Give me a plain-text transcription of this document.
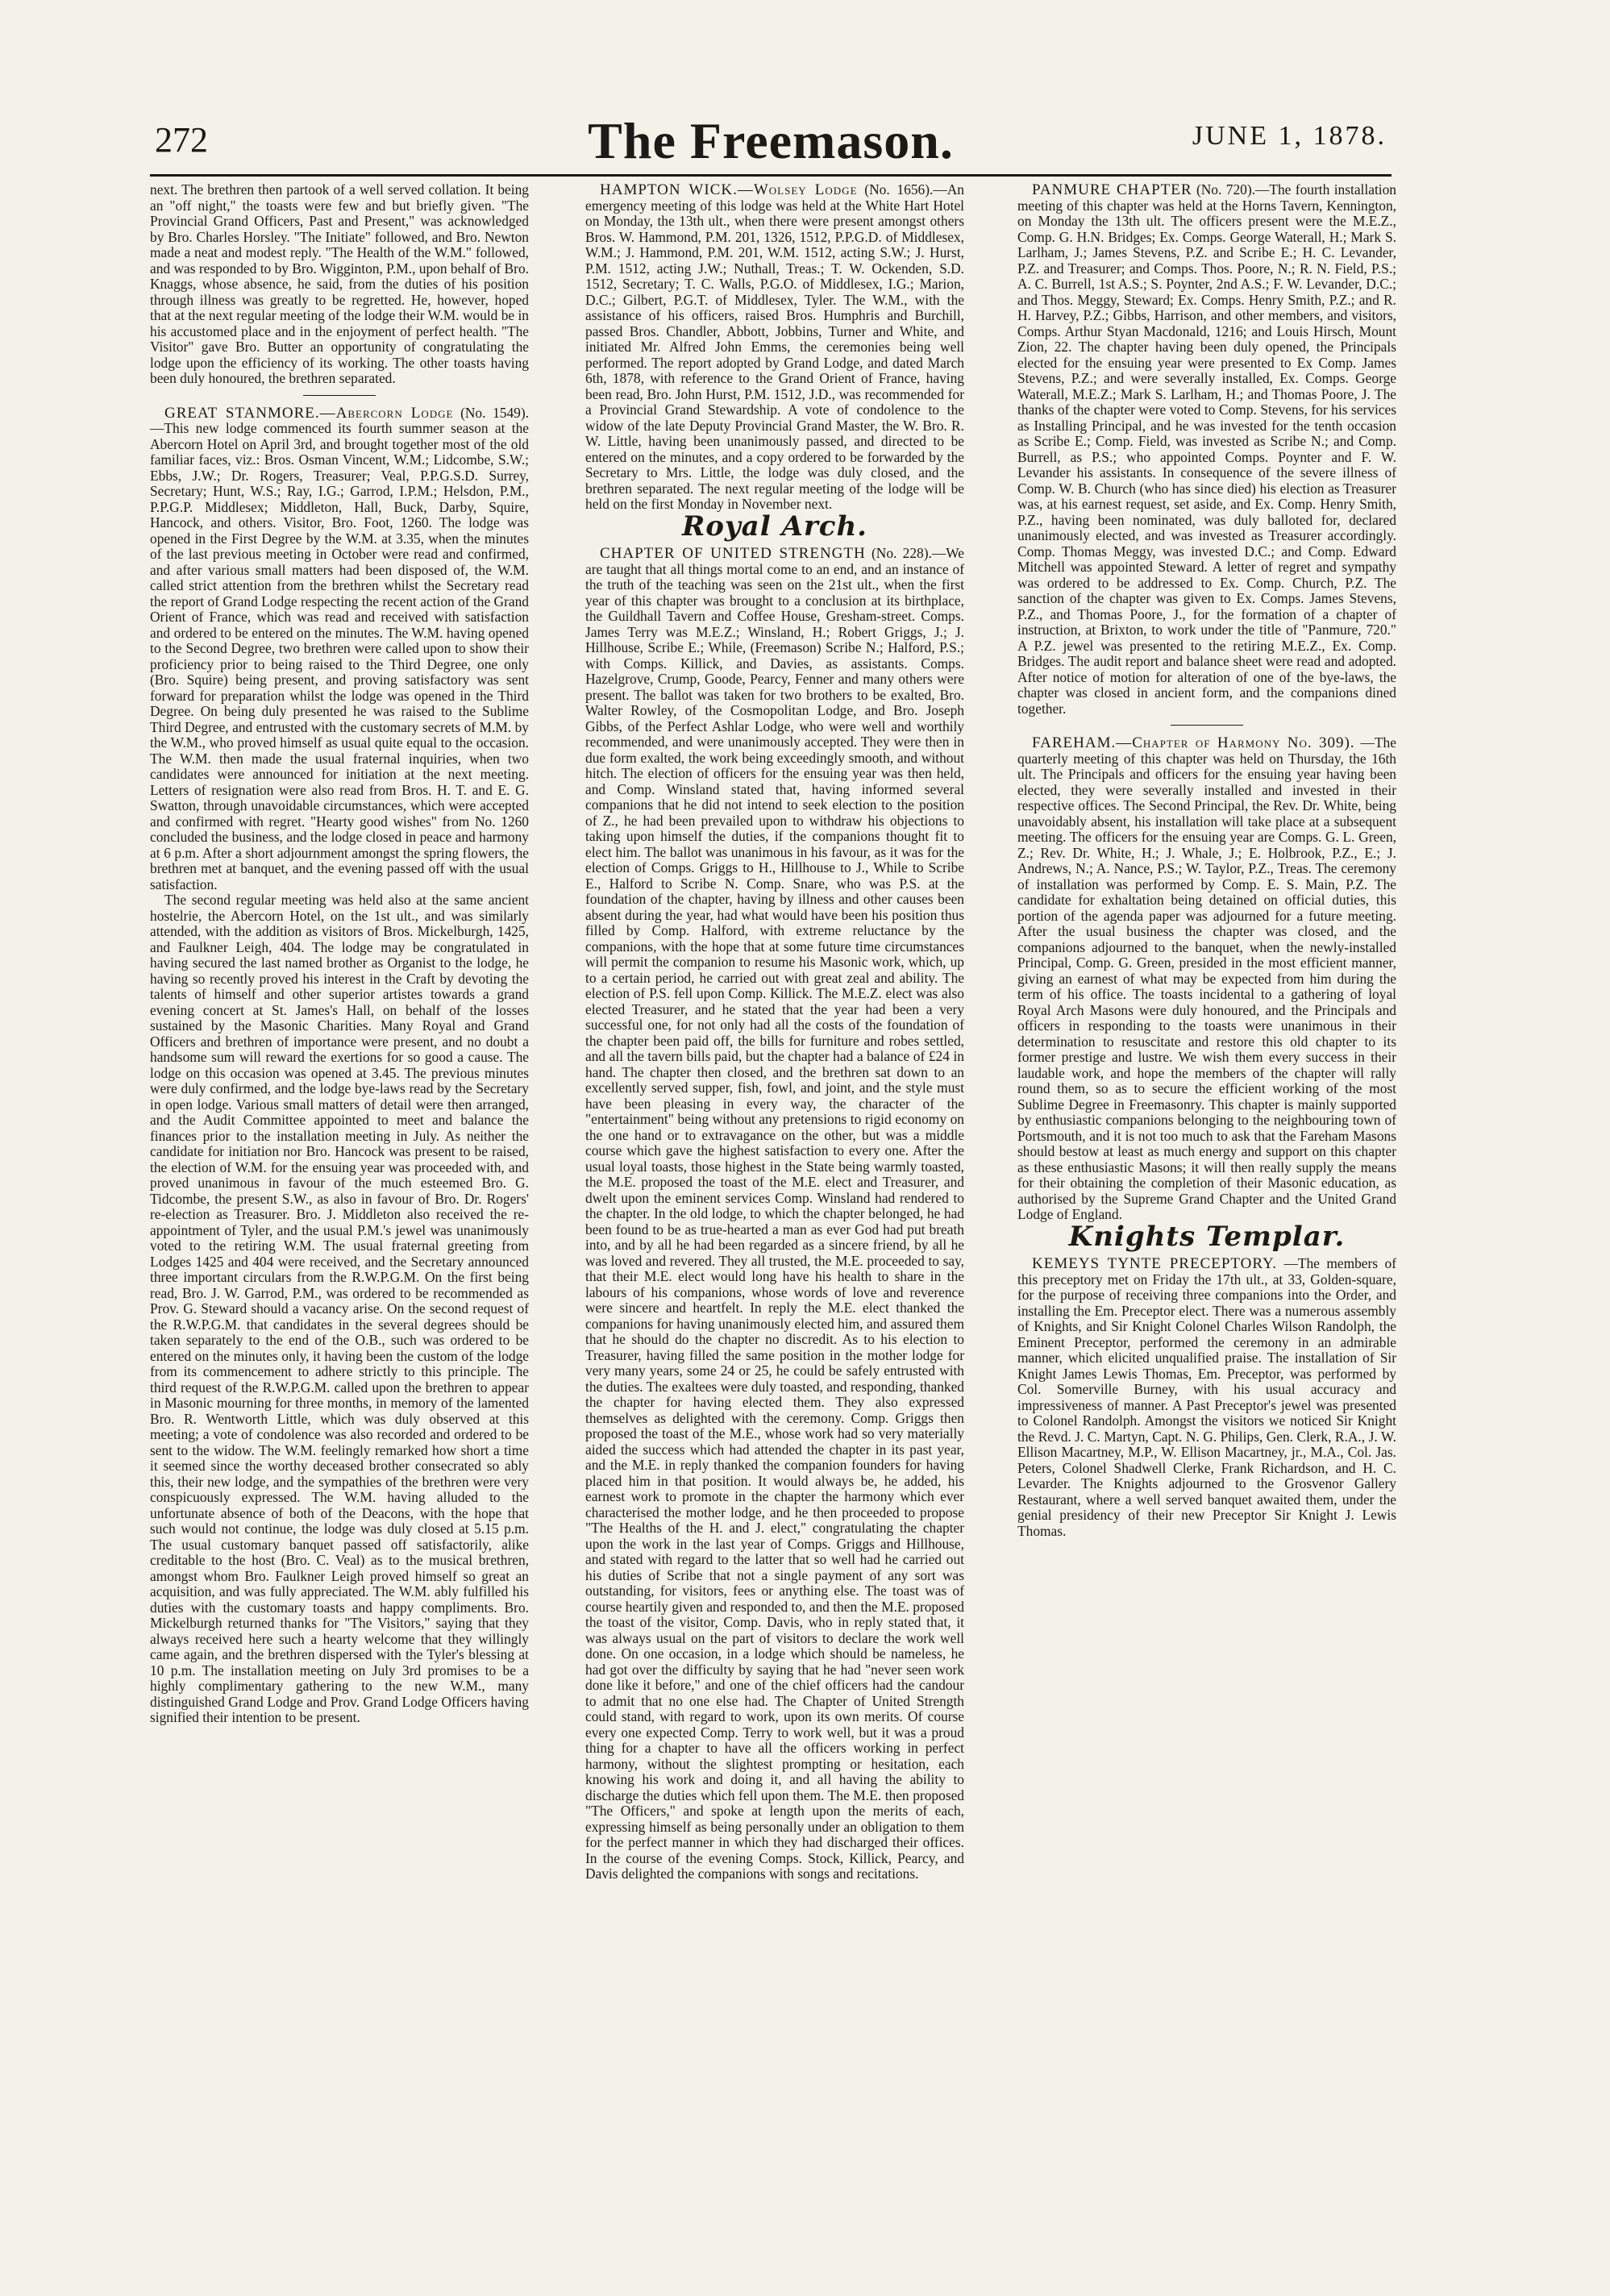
272	The Freemason.	JUNE 1, 1878.

next. The brethren then partook of a well served collation. It being an "off night," the toasts were few and but briefly given. "The Provincial Grand Officers, Past and Present," was acknowledged by Bro. Charles Horsley. "The Initiate" followed, and Bro. Newton made a neat and modest reply. "The Health of the W.M." followed, and was responded to by Bro. Wigginton, P.M., upon behalf of Bro. Knaggs, whose absence, he said, from the duties of his position through illness was greatly to be regretted. He, however, hoped that at the next regular meeting of the lodge their W.M. would be in his accustomed place and in the enjoyment of perfect health. "The Visitor" gave Bro. Butter an opportunity of congratulating the lodge upon the efficiency of its working. The other toasts having been duly honoured, the brethren separated.

GREAT STANMORE.—Abercorn Lodge (No. 1549).—This new lodge commenced its fourth summer season at the Abercorn Hotel on April 3rd, and brought together most of the old familiar faces, viz.: Bros. Osman Vincent, W.M.; Lidcombe, S.W.; Ebbs, J.W.; Dr. Rogers, Treasurer; Veal, P.P.G.S.D. Surrey, Secretary; Hunt, W.S.; Ray, I.G.; Garrod, I.P.M.; Helsdon, P.M., P.P.G.P. Middlesex; Middleton, Hall, Buck, Darby, Squire, Hancock, and others. Visitor, Bro. Foot, 1260. The lodge was opened in the First Degree by the W.M. at 3.35, when the minutes of the last previous meeting in October were read and confirmed, and after various small matters had been disposed of, the W.M. called strict attention from the brethren whilst the Secretary read the report of Grand Lodge respecting the recent action of the Grand Orient of France, which was read and received with satisfaction and ordered to be entered on the minutes. The W.M. having opened to the Second Degree, two brethren were called upon to show their proficiency prior to being raised to the Third Degree, one only (Bro. Squire) being present, and proving satisfactory was sent forward for preparation whilst the lodge was opened in the Third Degree. On being duly presented he was raised to the Sublime Third Degree, and entrusted with the customary secrets of M.M. by the W.M., who proved himself as usual quite equal to the occasion. The W.M. then made the usual fraternal inquiries, when two candidates were announced for initiation at the next meeting. Letters of resignation were also read from Bros. H. T. and E. G. Swatton, through unavoidable circumstances, which were accepted and confirmed with regret. "Hearty good wishes" from No. 1260 concluded the business, and the lodge closed in peace and harmony at 6 p.m. After a short adjournment amongst the spring flowers, the brethren met at banquet, and the evening passed off with the usual satisfaction.

The second regular meeting was held also at the same ancient hostelrie, the Abercorn Hotel, on the 1st ult., and was similarly attended, with the addition as visitors of Bros. Mickelburgh, 1425, and Faulkner Leigh, 404. The lodge may be congratulated in having secured the last named brother as Organist to the lodge, he having so recently proved his interest in the Craft by devoting the talents of himself and other superior artistes towards a grand evening concert at St. James's Hall, on behalf of the losses sustained by the Masonic Charities. Many Royal and Grand Officers and brethren of importance were present, and no doubt a handsome sum will reward the exertions for so good a cause. The lodge on this occasion was opened at 3.45. The previous minutes were duly confirmed, and the lodge bye-laws read by the Secretary in open lodge. Various small matters of detail were then arranged, and the Audit Committee appointed to meet and balance the finances prior to the installation meeting in July. As neither the candidate for initiation nor Bro. Hancock was present to be raised, the election of W.M. for the ensuing year was proceeded with, and proved unanimous in favour of the much esteemed Bro. G. Tidcombe, the present S.W., as also in favour of Bro. Dr. Rogers' re-election as Treasurer. Bro. J. Middleton also received the re-appointment of Tyler, and the usual P.M.'s jewel was unanimously voted to the retiring W.M. The usual fraternal greeting from Lodges 1425 and 404 were received, and the Secretary announced three important circulars from the R.W.P.G.M. On the first being read, Bro. J. W. Garrod, P.M., was ordered to be recommended as Prov. G. Steward should a vacancy arise. On the second request of the R.W.P.G.M. that candidates in the several degrees should be taken separately to the end of the O.B., such was ordered to be entered on the minutes only, it having been the custom of the lodge from its commencement to adhere strictly to this principle. The third request of the R.W.P.G.M. called upon the brethren to appear in Masonic mourning for three months, in memory of the lamented Bro. R. Wentworth Little, which was duly observed at this meeting; a vote of condolence was also recorded and ordered to be sent to the widow. The W.M. feelingly remarked how short a time it seemed since the worthy deceased brother consecrated so ably this, their new lodge, and the sympathies of the brethren were very conspicuously expressed. The W.M. having alluded to the unfortunate absence of both of the Deacons, with the hope that such would not continue, the lodge was duly closed at 5.15 p.m. The usual customary banquet passed off satisfactorily, alike creditable to the host (Bro. C. Veal) as to the musical brethren, amongst whom Bro. Faulkner Leigh proved himself so great an acquisition, and was fully appreciated. The W.M. ably fulfilled his duties with the customary toasts and happy compliments. Bro. Mickelburgh returned thanks for "The Visitors," saying that they always received here such a hearty welcome that they willingly came again, and the brethren dispersed with the Tyler's blessing at 10 p.m. The installation meeting on July 3rd promises to be a highly complimentary gathering to the new W.M., many distinguished Grand Lodge and Prov. Grand Lodge Officers having signified their intention to be present.

HAMPTON WICK.—Wolsey Lodge (No. 1656).—An emergency meeting of this lodge was held at the White Hart Hotel on Monday, the 13th ult., when there were present amongst others Bros. W. Hammond, P.M. 201, 1326, 1512, P.P.G.D. of Middlesex, W.M.; J. Hammond, P.M. 201, W.M. 1512, acting S.W.; J. Hurst, P.M. 1512, acting J.W.; Nuthall, Treas.; T. W. Ockenden, S.D. 1512, Secretary; T. C. Walls, P.G.O. of Middlesex, I.G.; Marion, D.C.; Gilbert, P.G.T. of Middlesex, Tyler. The W.M., with the assistance of his officers, raised Bros. Humphris and Burchill, passed Bros. Chandler, Abbott, Jobbins, Turner and White, and initiated Mr. Alfred John Emms, the ceremonies being well performed. The report adopted by Grand Lodge, and dated March 6th, 1878, with reference to the Grand Orient of France, having been read, Bro. John Hurst, P.M. 1512, J.D., was recommended for a Provincial Grand Stewardship. A vote of condolence to the widow of the late Deputy Provincial Grand Master, the W. Bro. R. W. Little, having been unanimously passed, and directed to be entered on the minutes, and a copy ordered to be forwarded by the Secretary to Mrs. Little, the lodge was duly closed, and the brethren separated. The next regular meeting of the lodge will be held on the first Monday in November next.

Royal Arch.

CHAPTER OF UNITED STRENGTH (No. 228).—We are taught that all things mortal come to an end, and an instance of the truth of the teaching was seen on the 21st ult., when the first year of this chapter was brought to a conclusion at its birthplace, the Guildhall Tavern and Coffee House, Gresham-street. Comps. James Terry was M.E.Z.; Winsland, H.; Robert Griggs, J.; J. Hillhouse, Scribe E.; While, (Freemason) Scribe N.; Halford, P.S.; with Comps. Killick, and Davies, as assistants. Comps. Hazelgrove, Crump, Goode, Pearcy, Fenner and many others were present. The ballot was taken for two brothers to be exalted, Bro. Walter Rowley, of the Cosmopolitan Lodge, and Bro. Joseph Gibbs, of the Perfect Ashlar Lodge, who were well and worthily recommended, and were unanimously accepted. They were then in due form exalted, the work being exceedingly smooth, and without hitch. The election of officers for the ensuing year was then held, and Comp. Winsland stated that, having informed several companions that he did not intend to seek election to the position of Z., he had been prevailed upon to withdraw his objections to taking upon himself the duties, if the companions thought fit to elect him. The ballot was unanimous in his favour, as it was for the election of Comps. Griggs to H., Hillhouse to J., While to Scribe E., Halford to Scribe N. Comp. Snare, who was P.S. at the foundation of the chapter, having by illness and other causes been absent during the year, had what would have been his position thus filled by Comp. Halford, with extreme reluctance by the companions, with the hope that at some future time circumstances will permit the companion to resume his Masonic work, which, up to a certain period, he carried out with great zeal and ability. The election of P.S. fell upon Comp. Killick. The M.E.Z. elect was also elected Treasurer, and he stated that the year had been a very successful one, for not only had all the costs of the foundation of the chapter been paid off, the bills for furniture and robes settled, and all the tavern bills paid, but the chapter had a balance of £24 in hand. The chapter then closed, and the brethren sat down to an excellently served supper, fish, fowl, and joint, and the style must have been pleasing in every way, the character of the "entertainment" being without any pretensions to rigid economy on the one hand or to extravagance on the other, but was a middle course which gave the highest satisfaction to every one. After the usual loyal toasts, those highest in the State being warmly toasted, the M.E. proposed the toast of the M.E. elect and Treasurer, and dwelt upon the eminent services Comp. Winsland had rendered to the chapter. In the old lodge, to which the chapter belonged, he had been found to be as true-hearted a man as ever God had put breath into, and by all he had been regarded as a sincere friend, by all he was loved and revered. They all trusted, the M.E. proceeded to say, that their M.E. elect would long have his health to share in the labours of his companions, whose words of love and reverence were sincere and heartfelt. In reply the M.E. elect thanked the companions for having unanimously elected him, and assured them that he should do the chapter no discredit. As to his election to Treasurer, having filled the same position in the mother lodge for very many years, some 24 or 25, he could be safely entrusted with the duties. The exaltees were duly toasted, and responding, thanked the chapter for having elected them. They also expressed themselves as delighted with the ceremony. Comp. Griggs then proposed the toast of the M.E., whose work had so very materially aided the success which had attended the chapter in its past year, and the M.E. in reply thanked the companion founders for having placed him in that position. It would always be, he added, his earnest work to promote in the chapter the harmony which ever characterised the mother lodge, and he then proceeded to propose "The Healths of the H. and J. elect," congratulating the chapter upon the work in the last year of Comps. Griggs and Hillhouse, and stated with regard to the latter that so well had he carried out his duties of Scribe that not a single payment of any sort was outstanding, for visitors, fees or anything else. The toast was of course heartily given and responded to, and then the M.E. proposed the toast of the visitor, Comp. Davis, who in reply stated that, it was always usual on the part of visitors to declare the work well done. On one occasion, in a lodge which should be nameless, he had got over the difficulty by saying that he had "never seen work done like it before," and one of the chief officers had the candour to admit that no one else had. The Chapter of United Strength could stand, with regard to work, upon its own merits. Of course every one expected Comp. Terry to work well, but it was a proud thing for a chapter to have all the officers working in perfect harmony, without the slightest prompting or hesitation, each knowing his work and doing it, and all having the ability to discharge the duties which fell upon them. The M.E. then proposed "The Officers," and spoke at length upon the merits of each, expressing himself as being personally under an obligation to them for the perfect manner in which they had discharged their offices. In the course of the evening Comps. Stock, Killick, Pearcy, and Davis delighted the companions with songs and recitations.

PANMURE CHAPTER (No. 720).—The fourth installation meeting of this chapter was held at the Horns Tavern, Kennington, on Monday the 13th ult. The officers present were the M.E.Z., Comp. G. H.N. Bridges; Ex. Comps. George Waterall, H.; Mark S. Larlham, J.; James Stevens, P.Z. and Scribe E.; H. C. Levander, P.Z. and Treasurer; and Comps. Thos. Poore, N.; R. N. Field, P.S.; A. C. Burrell, 1st A.S.; S. Poynter, 2nd A.S.; F. W. Levander, D.C.; and Thos. Meggy, Steward; Ex. Comps. Henry Smith, P.Z.; and R. H. Harvey, P.Z.; Gibbs, Harrison, and other members, and visitors, Comps. Arthur Styan Macdonald, 1216; and Louis Hirsch, Mount Zion, 22. The chapter having been duly opened, the Principals elected for the ensuing year were presented to Ex Comp. James Stevens, P.Z.; and were severally installed, Ex. Comps. George Waterall, M.E.Z.; Mark S. Larlham, H.; and Thomas Poore, J. The thanks of the chapter were voted to Comp. Stevens, for his services as Installing Principal, and he was invested for the tenth occasion as Scribe E.; Comp. Field, was invested as Scribe N.; and Comp. Burrell, as P.S.; who appointed Comps. Poynter and F. W. Levander his assistants. In consequence of the severe illness of Comp. W. B. Church (who has since died) his election as Treasurer was, at his earnest request, set aside, and Ex. Comp. Henry Smith, P.Z., having been nominated, was duly balloted for, declared unanimously elected, and was invested as Treasurer accordingly. Comp. Thomas Meggy, was invested D.C.; and Comp. Edward Mitchell was appointed Steward. A letter of regret and sympathy was ordered to be addressed to Ex. Comp. Church, P.Z. The sanction of the chapter was given to Ex. Comps. James Stevens, P.Z., and Thomas Poore, J., for the formation of a chapter of instruction, at Brixton, to work under the title of "Panmure, 720." A P.Z. jewel was presented to the retiring M.E.Z., Ex. Comp. Bridges. The audit report and balance sheet were read and adopted. After notice of motion for alteration of one of the bye-laws, the chapter was closed in ancient form, and the companions dined together.

FAREHAM.—Chapter of Harmony No. 309). —The quarterly meeting of this chapter was held on Thursday, the 16th ult. The Principals and officers for the ensuing year having been elected, they were severally installed and invested in their respective offices. The Second Principal, the Rev. Dr. White, being unavoidably absent, his installation will take place at a subsequent meeting. The officers for the ensuing year are Comps. G. L. Green, Z.; Rev. Dr. White, H.; J. Whale, J.; E. Holbrook, P.Z., E.; J. Andrews, N.; A. Nance, P.S.; W. Taylor, P.Z., Treas. The ceremony of installation was performed by Comp. E. S. Main, P.Z. The candidate for exhaltation being detained on official duties, this portion of the agenda paper was adjourned for a future meeting. After the usual business the chapter was closed, and the companions adjourned to the banquet, when the newly-installed Principal, Comp. G. Green, presided in the most efficient manner, giving an earnest of what may be expected from him during the term of his office. The toasts incidental to a gathering of loyal Royal Arch Masons were duly honoured, and the Principals and officers in responding to the toasts were unanimous in their determination to resuscitate and restore this old chapter to its former prestige and lustre. We wish them every success in their laudable work, and hope the members of the chapter will rally round them, so as to secure the efficient working of the most Sublime Degree in Freemasonry. This chapter is mainly supported by enthusiastic companions belonging to the neighbouring town of Portsmouth, and it is not too much to ask that the Fareham Masons should bestow at least as much energy and support on this chapter as these enthusiastic Masons; it will then really supply the means for their obtaining the completion of their Masonic education, as authorised by the Supreme Grand Chapter and the United Grand Lodge of England.

Knights Templar.

KEMEYS TYNTE PRECEPTORY. —The members of this preceptory met on Friday the 17th ult., at 33, Golden-square, for the purpose of receiving three companions into the Order, and installing the Em. Preceptor elect. There was a numerous assembly of Knights, and Sir Knight Colonel Charles Wilson Randolph, the Eminent Preceptor, performed the ceremony in an admirable manner, which elicited unqualified praise. The installation of Sir Knight James Lewis Thomas, Em. Preceptor, was performed by Col. Somerville Burney, with his usual accuracy and impressiveness of manner. A Past Preceptor's jewel was presented to Colonel Randolph. Amongst the visitors we noticed Sir Knight the Revd. J. C. Martyn, Capt. N. G. Philips, Gen. Clerk, R.A., J. W. Ellison Macartney, M.P., W. Ellison Macartney, jr., M.A., Col. Jas. Peters, Colonel Shadwell Clerke, Frank Richardson, and H. C. Levarder. The Knights adjourned to the Grosvenor Gallery Restaurant, where a well served banquet awaited them, under the genial presidency of their new Preceptor Sir Knight J. Lewis Thomas.
